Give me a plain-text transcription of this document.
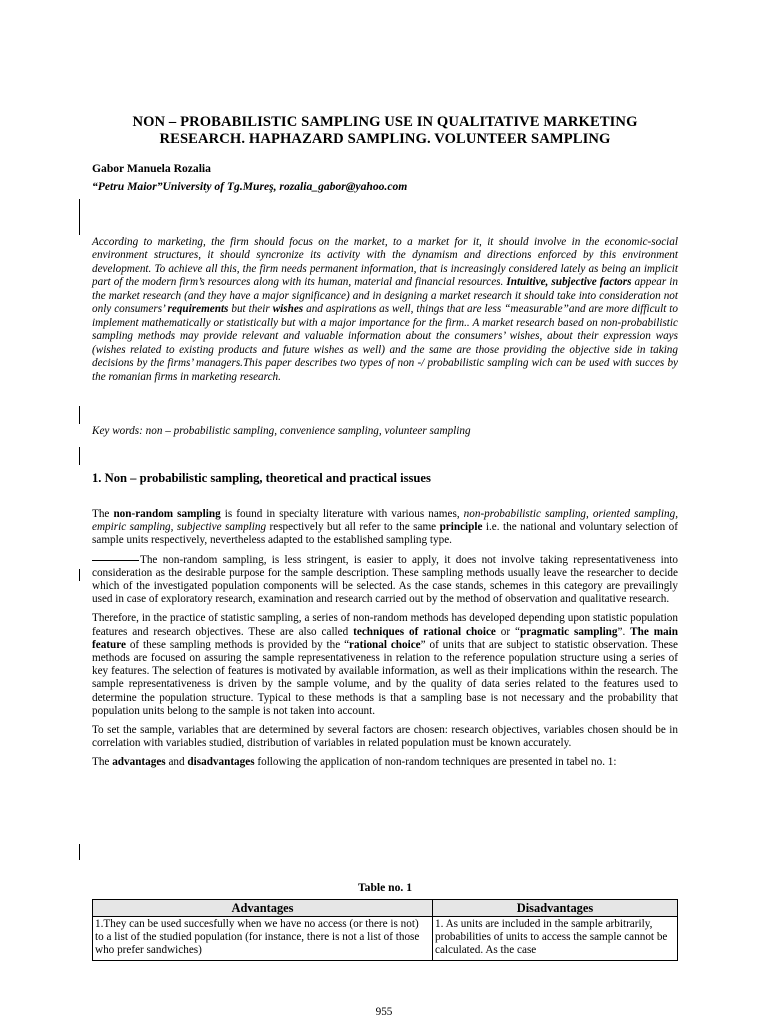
NON – PROBABILISTIC SAMPLING USE IN QUALITATIVE MARKETING
RESEARCH. HAPHAZARD SAMPLING. VOLUNTEER SAMPLING
Gabor Manuela Rozalia
“Petru Maior”University of Tg.Mureş, rozalia_gabor@yahoo.com
According to marketing, the firm should focus on the market, to a market for it, it should involve in the economic-social environment structures, it should syncronize its activity with the dynamism and directions enforced by this environment development. To achieve all this, the firm needs permanent information, that is increasingly considered lately as being an implicit part of the modern firm’s resources along with its human, material and financial resources. Intuitive, subjective factors appear in the market research (and they have a major significance) and in designing a market research it should take into consideration not only consumers’ requirements but their wishes and aspirations as well, things that are less “measurable”and are more difficult to implement mathematically or statistically but with a major importance for the firm.. A market research based on non-probabilistic sampling methods may provide relevant and valuable information about the consumers’ wishes, about their expression ways (wishes related to existing products and future wishes as well) and the same are those providing the objective side in taking decisions by the firms’ managers.This paper describes two types of non -/ probabilistic sampling wich can be used with succes by the romanian firms in marketing research.
Key words: non – probabilistic sampling, convenience sampling, volunteer sampling
1. Non – probabilistic sampling, theoretical and practical issues

The non-random sampling is found in specialty literature with various names, non-probabilistic sampling, oriented sampling, empiric sampling, subjective sampling respectively but all refer to the same principle i.e. the national and voluntary selection of sample units respectively, nevertheless adapted to the established sampling type.

The non-random sampling, is less stringent, is easier to apply, it does not involve taking representativeness into consideration as the desirable purpose for the sample description. These sampling methods usually leave the researcher to decide which of the investigated population components will be selected. As the case stands, schemes in this category are prevailingly used in case of exploratory research, examination and research carried out by the method of observation and qualitative research.

Therefore, in the practice of statistic sampling, a series of non-random methods has developed depending upon statistic population features and research objectives. These are also called techniques of rational choice or “pragmatic sampling”. The main feature of these sampling methods is provided by the “rational choice” of units that are subject to statistic observation. These methods are focused on assuring the sample representativeness in relation to the reference population structure using a series of key features. The selection of features is motivated by available information, as well as their implications within the research. The sample representativeness is driven by the sample volume, and by the quality of data series related to the features used to determine the population structure. Typical to these methods is that a sampling base is not necessary and the probability that population units belong to the sample is not taken into account.

To set the sample, variables that are determined by several factors are chosen: research objectives, variables chosen should be in correlation with variables studied, distribution of variables in related population must be known accurately.

The advantages and disadvantages following the application of non-random techniques are presented in tabel no. 1:

Table no. 1
Advantages	Disadvantages
1.They can be used succesfully when we have no access (or there is not) to a list of the studied population (for instance, there is not a list of those who prefer sandwiches)	1. As units are included in the sample arbitrarily, probabilities of units to access the sample cannot be calculated. As the case
955
